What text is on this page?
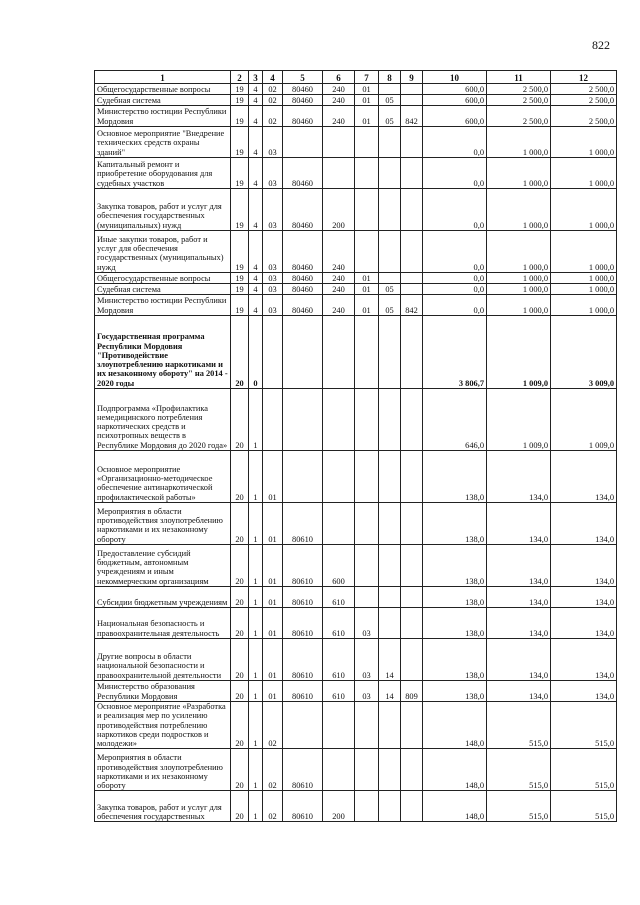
822
1	2	3	4	5	6	7	8	9	10	11	12
Общегосударственные вопросы	19	4	02	80460	240	01			600,0	2 500,0	2 500,0
Судебная система	19	4	02	80460	240	01	05		600,0	2 500,0	2 500,0
Министерство юстиции Республики Мордовия	19	4	02	80460	240	01	05	842	600,0	2 500,0	2 500,0
Основное мероприятие "Внедрение технических средств охраны зданий"	19	4	03						0,0	1 000,0	1 000,0
Капитальный ремонт и приобретение оборудования для судебных участков	19	4	03	80460					0,0	1 000,0	1 000,0
Закупка товаров, работ и услуг для обеспечения государственных (муниципальных) нужд	19	4	03	80460	200				0,0	1 000,0	1 000,0
Иные закупки товаров, работ и услуг для обеспечения государственных (муниципальных) нужд	19	4	03	80460	240				0,0	1 000,0	1 000,0
Общегосударственные вопросы	19	4	03	80460	240	01			0,0	1 000,0	1 000,0
Судебная система	19	4	03	80460	240	01	05		0,0	1 000,0	1 000,0
Министерство юстиции Республики Мордовия	19	4	03	80460	240	01	05	842	0,0	1 000,0	1 000,0
Государственная программа Республики Мордовия "Противодействие злоупотреблению наркотиками и их незаконному обороту" на 2014 - 2020 годы	20	0							3 806,7	1 009,0	3 009,0
Подпрограмма «Профилактика немедицинского потребления наркотических средств и психотропных веществ в Республике Мордовия до 2020 года»	20	1							646,0	1 009,0	1 009,0
Основное мероприятие «Организационно-методическое обеспечение антинаркотической профилактической работы»	20	1	01						138,0	134,0	134,0
Мероприятия в области противодействия злоупотреблению наркотиками и их незаконному обороту	20	1	01	80610					138,0	134,0	134,0
Предоставление субсидий бюджетным, автономным учреждениям и иным некоммерческим организациям	20	1	01	80610	600				138,0	134,0	134,0
Субсидии бюджетным учреждениям	20	1	01	80610	610				138,0	134,0	134,0
Национальная безопасность и правоохранительная деятельность	20	1	01	80610	610	03			138,0	134,0	134,0
Другие вопросы в области национальной безопасности и правоохранительной деятельности	20	1	01	80610	610	03	14		138,0	134,0	134,0
Министерство образования Республики Мордовия	20	1	01	80610	610	03	14	809	138,0	134,0	134,0
Основное мероприятие «Разработка и реализация мер по усилению противодействия потреблению наркотиков среди подростков и молодежи»	20	1	02						148,0	515,0	515,0
Мероприятия в области противодействия злоупотреблению наркотиками и их незаконному обороту	20	1	02	80610					148,0	515,0	515,0
Закупка товаров, работ и услуг для обеспечения государственных	20	1	02	80610	200				148,0	515,0	515,0
